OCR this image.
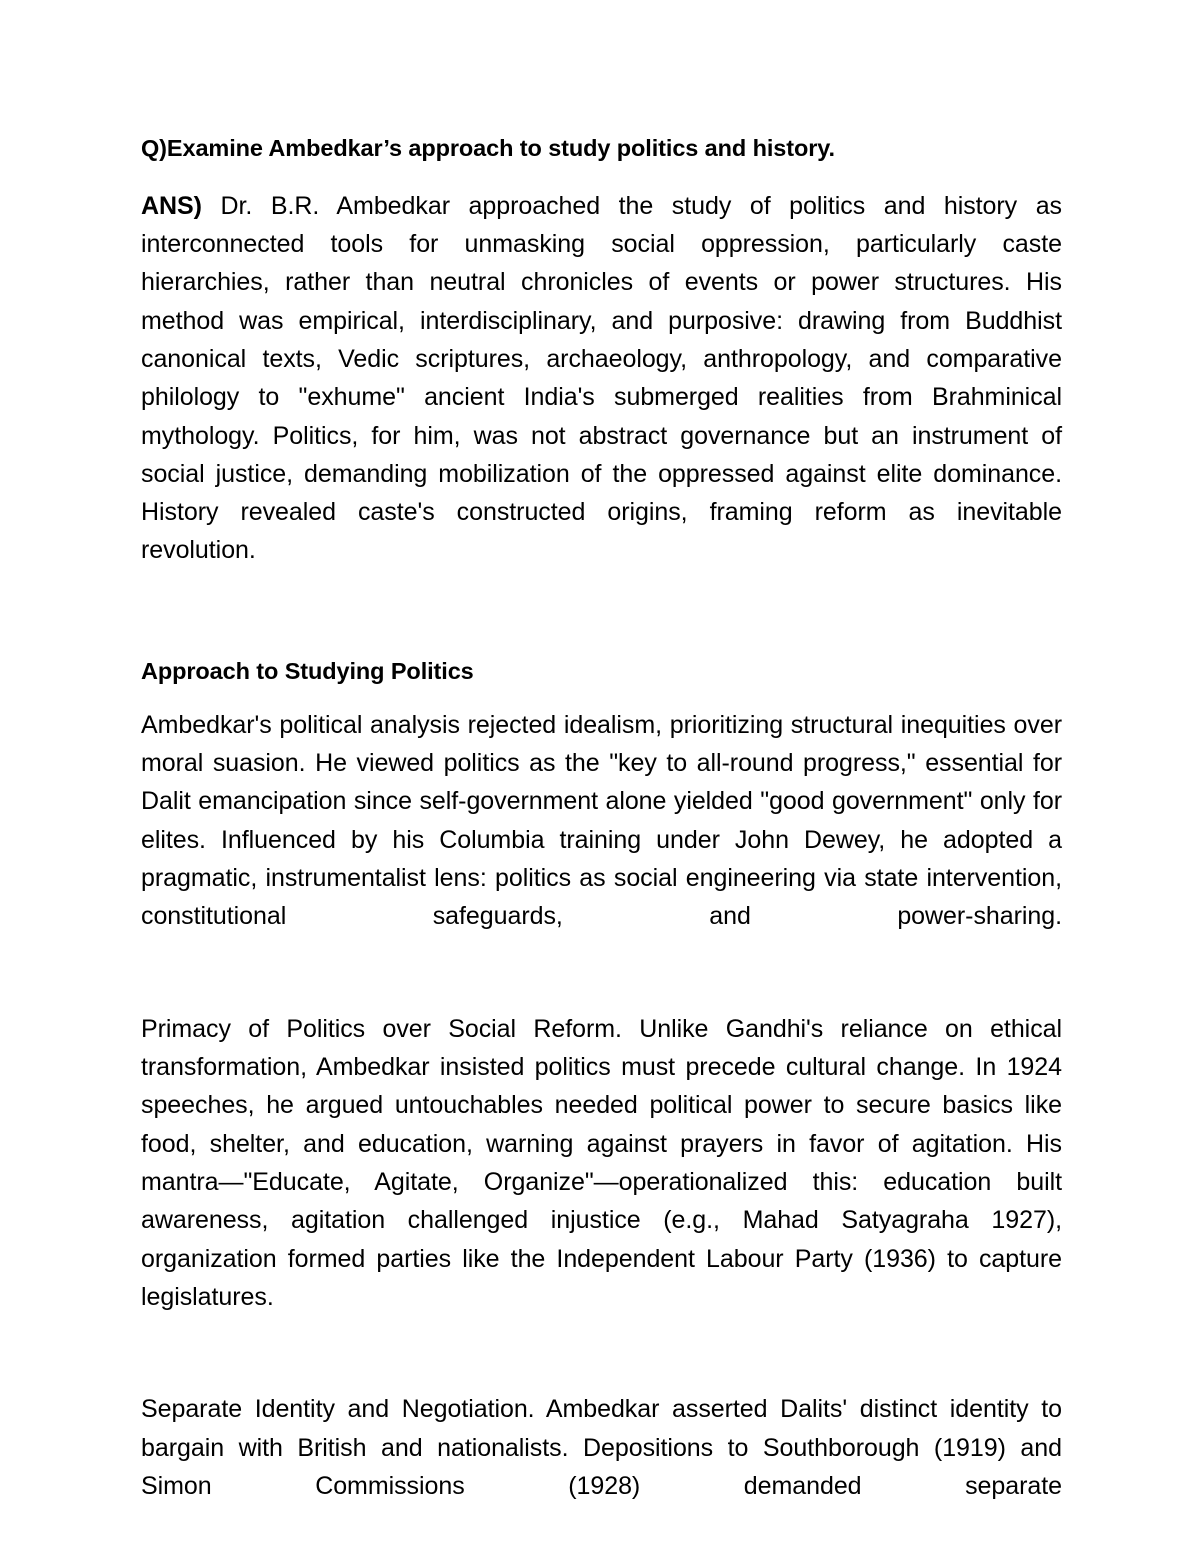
Q)Examine Ambedkar’s approach to study politics and history.

ANS) Dr. B.R. Ambedkar approached the study of politics and history as interconnected tools for unmasking social oppression, particularly caste hierarchies, rather than neutral chronicles of events or power structures. His method was empirical, interdisciplinary, and purposive: drawing from Buddhist canonical texts, Vedic scriptures, archaeology, anthropology, and comparative philology to "exhume" ancient India's submerged realities from Brahminical mythology. Politics, for him, was not abstract governance but an instrument of social justice, demanding mobilization of the oppressed against elite dominance. History revealed caste's constructed origins, framing reform as inevitable revolution.

Approach to Studying Politics

Ambedkar's political analysis rejected idealism, prioritizing structural inequities over moral suasion. He viewed politics as the "key to all-round progress," essential for Dalit emancipation since self-government alone yielded "good government" only for elites. Influenced by his Columbia training under John Dewey, he adopted a pragmatic, instrumentalist lens: politics as social engineering via state intervention, constitutional safeguards, and power-sharing.

Primacy of Politics over Social Reform. Unlike Gandhi's reliance on ethical transformation, Ambedkar insisted politics must precede cultural change. In 1924 speeches, he argued untouchables needed political power to secure basics like food, shelter, and education, warning against prayers in favor of agitation. His mantra—"Educate, Agitate, Organize"—operationalized this: education built awareness, agitation challenged injustice (e.g., Mahad Satyagraha 1927), organization formed parties like the Independent Labour Party (1936) to capture legislatures.

Separate Identity and Negotiation. Ambedkar asserted Dalits' distinct identity to bargain with British and nationalists. Depositions to Southborough (1919) and Simon Commissions (1928) demanded separate
